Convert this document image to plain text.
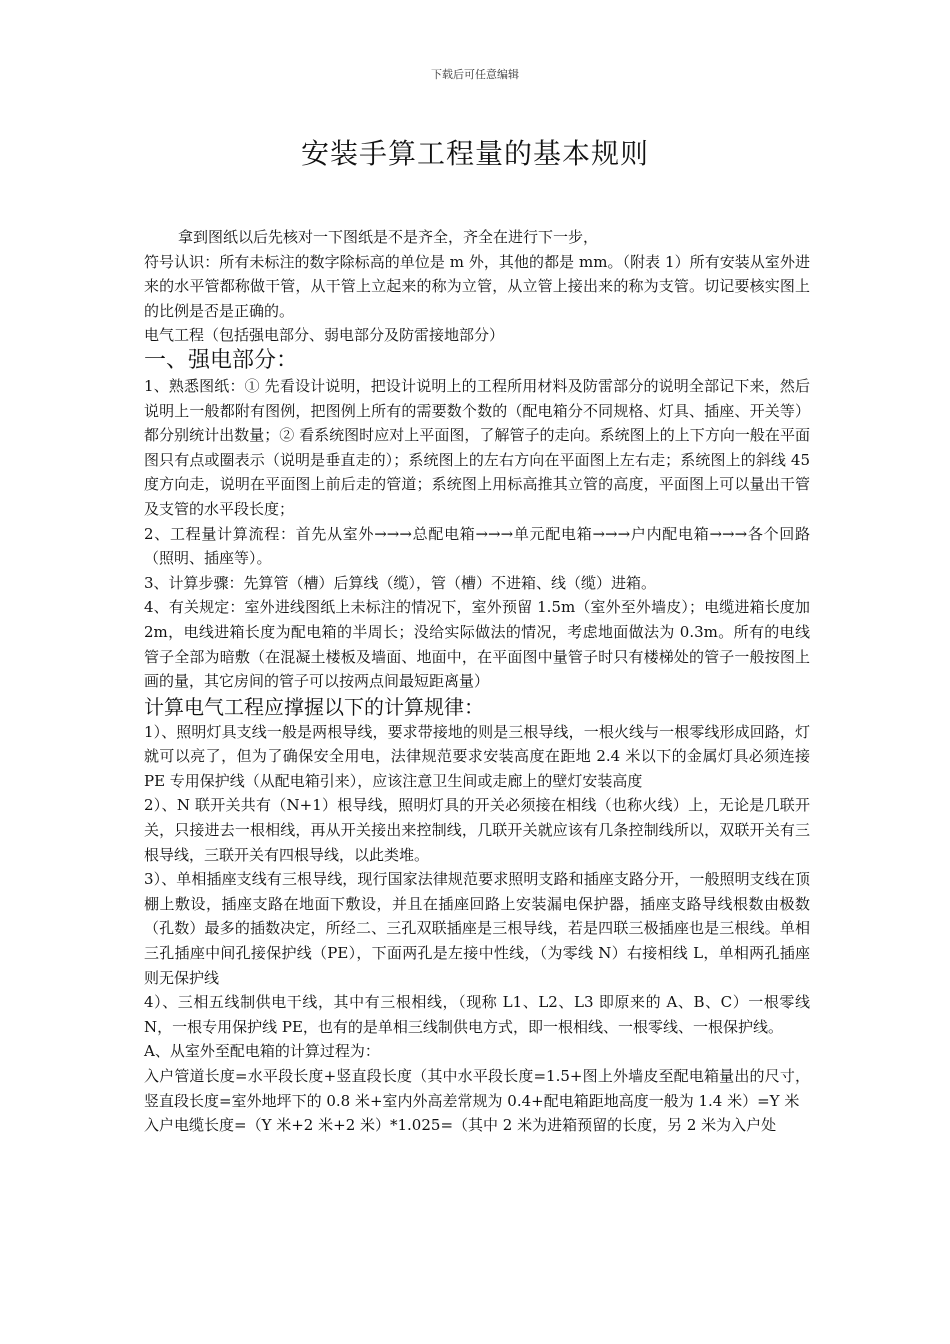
下载后可任意编辑
安装手算工程量的基本规则

拿到图纸以后先核对一下图纸是不是齐全，齐全在进行下一步，

符号认识：所有未标注的数字除标高的单位是 m 外，其他的都是 mm。（附表 1）所有安装从室外进来的水平管都称做干管，从干管上立起来的称为立管，从立管上接出来的称为支管。切记要核实图上的比例是否是正确的。

电气工程（包括强电部分、弱电部分及防雷接地部分）

一、强电部分：

1、熟悉图纸：① 先看设计说明，把设计说明上的工程所用材料及防雷部分的说明全部记下来，然后说明上一般都附有图例，把图例上所有的需要数个数的（配电箱分不同规格、灯具、插座、开关等）都分别统计出数量；② 看系统图时应对上平面图，了解管子的走向。系统图上的上下方向一般在平面图只有点或圈表示（说明是垂直走的）；系统图上的左右方向在平面图上左右走；系统图上的斜线 45 度方向走，说明在平面图上前后走的管道；系统图上用标高推其立管的高度，平面图上可以量出干管及支管的水平段长度；

2、工程量计算流程：首先从室外→→→总配电箱→→→单元配电箱→→→户内配电箱→→→各个回路（照明、插座等）。

3、计算步骤：先算管（槽）后算线（缆），管（槽）不进箱、线（缆）进箱。

4、有关规定：室外进线图纸上未标注的情况下，室外预留 1.5m（室外至外墙皮）；电缆进箱长度加 2m，电线进箱长度为配电箱的半周长；没给实际做法的情况，考虑地面做法为 0.3m。所有的电线管子全部为暗敷（在混凝土楼板及墙面、地面中，在平面图中量管子时只有楼梯处的管子一般按图上画的量，其它房间的管子可以按两点间最短距离量）

计算电气工程应撑握以下的计算规律：

1）、照明灯具支线一般是两根导线，要求带接地的则是三根导线，一根火线与一根零线形成回路，灯就可以亮了，但为了确保安全用电，法律规范要求安装高度在距地 2.4 米以下的金属灯具必须连接 PE 专用保护线（从配电箱引来），应该注意卫生间或走廊上的壁灯安装高度

2）、N 联开关共有（N+1）根导线，照明灯具的开关必须接在相线（也称火线）上，无论是几联开关，只接进去一根相线，再从开关接出来控制线，几联开关就应该有几条控制线所以，双联开关有三根导线，三联开关有四根导线，以此类堆。

3）、单相插座支线有三根导线，现行国家法律规范要求照明支路和插座支路分开，一般照明支线在顶棚上敷设，插座支路在地面下敷设，并且在插座回路上安装漏电保护器，插座支路导线根数由极数（孔数）最多的插数决定，所经二、三孔双联插座是三根导线，若是四联三极插座也是三根线。单相三孔插座中间孔接保护线（PE），下面两孔是左接中性线，（为零线 N）右接相线 L，单相两孔插座则无保护线

4）、三相五线制供电干线，其中有三根相线，（现称 L1、L2、L3 即原来的 A、B、C）一根零线 N，一根专用保护线 PE，也有的是单相三线制供电方式，即一根相线、一根零线、一根保护线。

A、从室外至配电箱的计算过程为：

入户管道长度=水平段长度+竖直段长度（其中水平段长度=1.5+图上外墙皮至配电箱量出的尺寸，竖直段长度=室外地坪下的 0.8 米+室内外高差常规为 0.4+配电箱距地高度一般为 1.4 米）=Y 米

入户电缆长度=（Y 米+2 米+2 米）*1.025=（其中 2 米为进箱预留的长度，另 2 米为入户处
